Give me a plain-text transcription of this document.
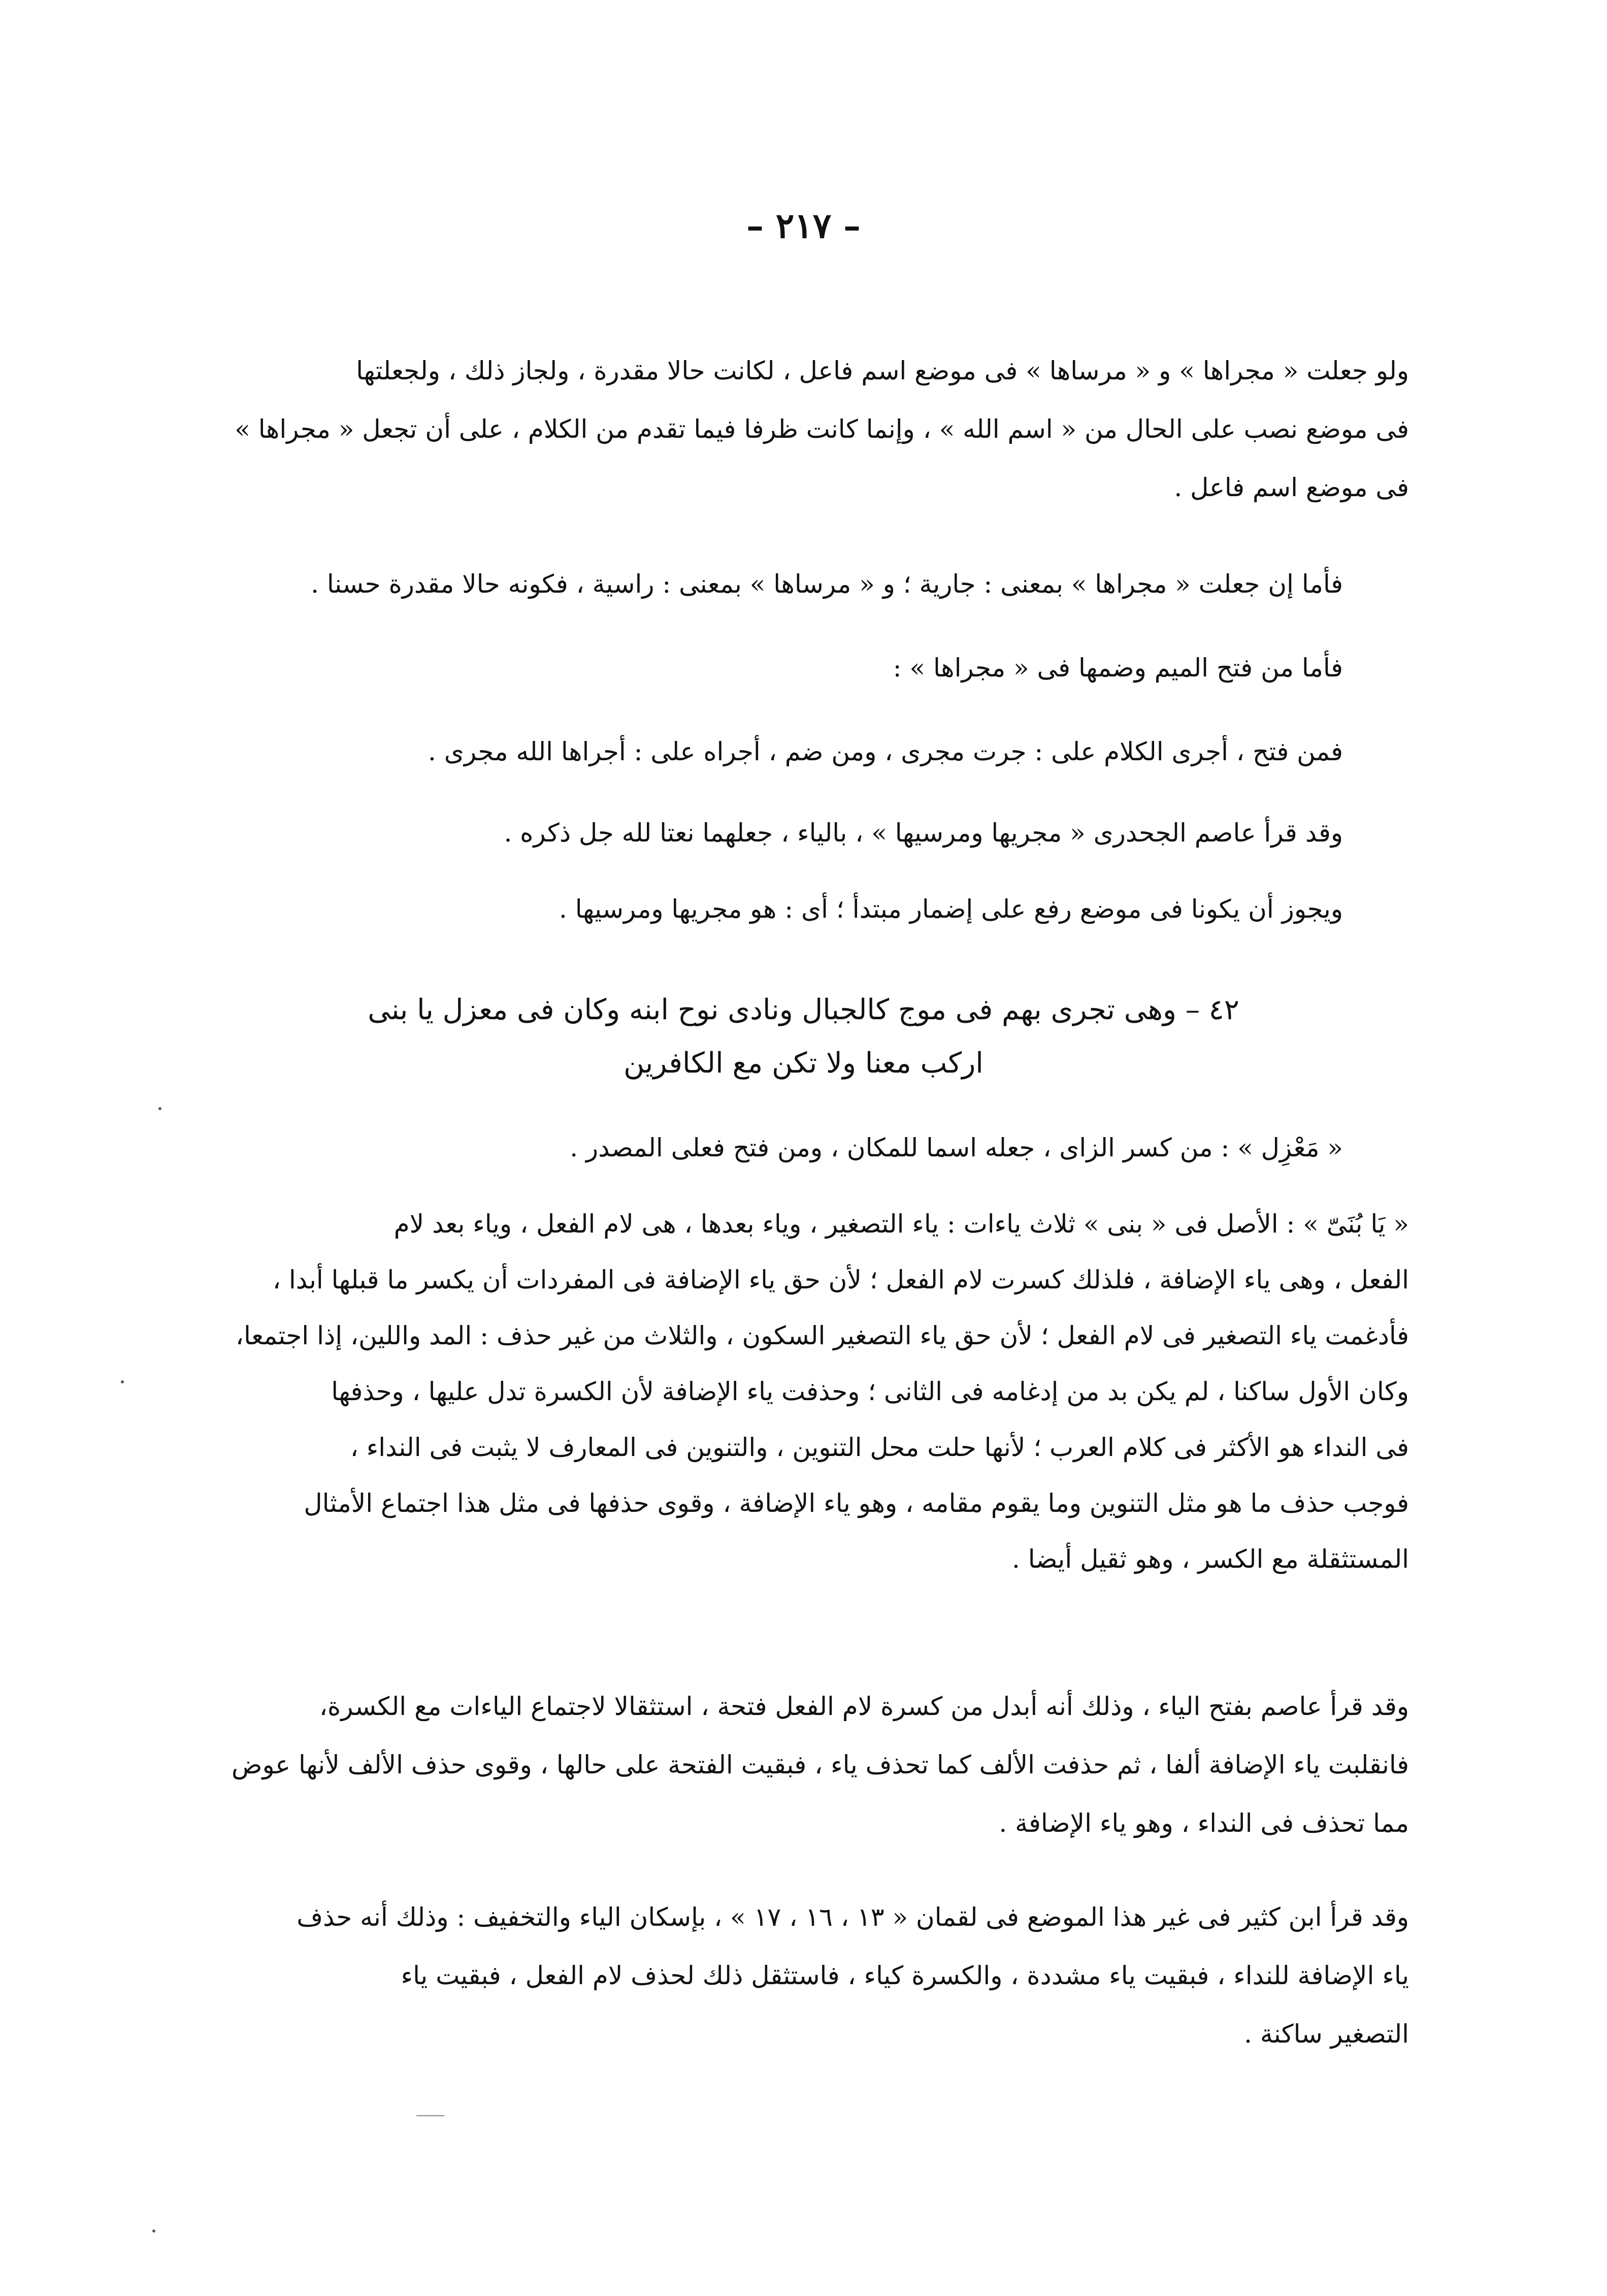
– ٢١٧ –
ولو جعلت « مجراها » و « مرساها » فى موضع اسم فاعل ، لكانت حالا مقدرة ، ولجاز ذلك ، ولجعلتها
فى موضع نصب على الحال من « اسم الله » ، وإنما كانت ظرفا فيما تقدم من الكلام ، على أن تجعل « مجراها »
فى موضع اسم فاعل .
فأما إن جعلت « مجراها » بمعنى : جارية ؛ و « مرساها » بمعنى : راسية ، فكونه حالا مقدرة حسنا .
فأما من فتح الميم وضمها فى « مجراها » :
فمن فتح ، أجرى الكلام على : جرت مجرى ، ومن ضم ، أجراه على : أجراها الله مجرى .
وقد قرأ عاصم الجحدرى « مجريها ومرسيها » ، بالياء ، جعلهما نعتا لله جل ذكره .
ويجوز أن يكونا فى موضع رفع على إضمار مبتدأ ؛ أى : هو مجريها ومرسيها .
٤٢ – وهى تجرى بهم فى موج كالجبال ونادى نوح ابنه وكان فى معزل يا بنى
اركب معنا ولا تكن مع الكافرين
« مَعْزِل » : من كسر الزاى ، جعله اسما للمكان ، ومن فتح فعلى المصدر .
« يَا بُنَىّ » : الأصل فى « بنى » ثلاث ياءات : ياء التصغير ، وياء بعدها ، هى لام الفعل ، وياء بعد لام
الفعل ، وهى ياء الإضافة ، فلذلك كسرت لام الفعل ؛ لأن حق ياء الإضافة فى المفردات أن يكسر ما قبلها أبدا ،
فأدغمت ياء التصغير فى لام الفعل ؛ لأن حق ياء التصغير السكون ، والثلاث من غير حذف : المد واللين، إذا اجتمعا،
وكان الأول ساكنا ، لم يكن بد من إدغامه فى الثانى ؛ وحذفت ياء الإضافة لأن الكسرة تدل عليها ، وحذفها
فى النداء هو الأكثر فى كلام العرب ؛ لأنها حلت محل التنوين ، والتنوين فى المعارف لا يثبت فى النداء ،
فوجب حذف ما هو مثل التنوين وما يقوم مقامه ، وهو ياء الإضافة ، وقوى حذفها فى مثل هذا اجتماع الأمثال
المستثقلة مع الكسر ، وهو ثقيل أيضا .
وقد قرأ عاصم بفتح الياء ، وذلك أنه أبدل من كسرة لام الفعل فتحة ، استثقالا لاجتماع الياءات مع الكسرة،
فانقلبت ياء الإضافة ألفا ، ثم حذفت الألف كما تحذف ياء ، فبقيت الفتحة على حالها ، وقوى حذف الألف لأنها عوض
مما تحذف فى النداء ، وهو ياء الإضافة .
وقد قرأ ابن كثير فى غير هذا الموضع فى لقمان « ١٣ ، ١٦ ، ١٧ » ، بإسكان الياء والتخفيف : وذلك أنه حذف
ياء الإضافة للنداء ، فبقيت ياء مشددة ، والكسرة كياء ، فاستثقل ذلك لحذف لام الفعل ، فبقيت ياء
التصغير ساكنة .
